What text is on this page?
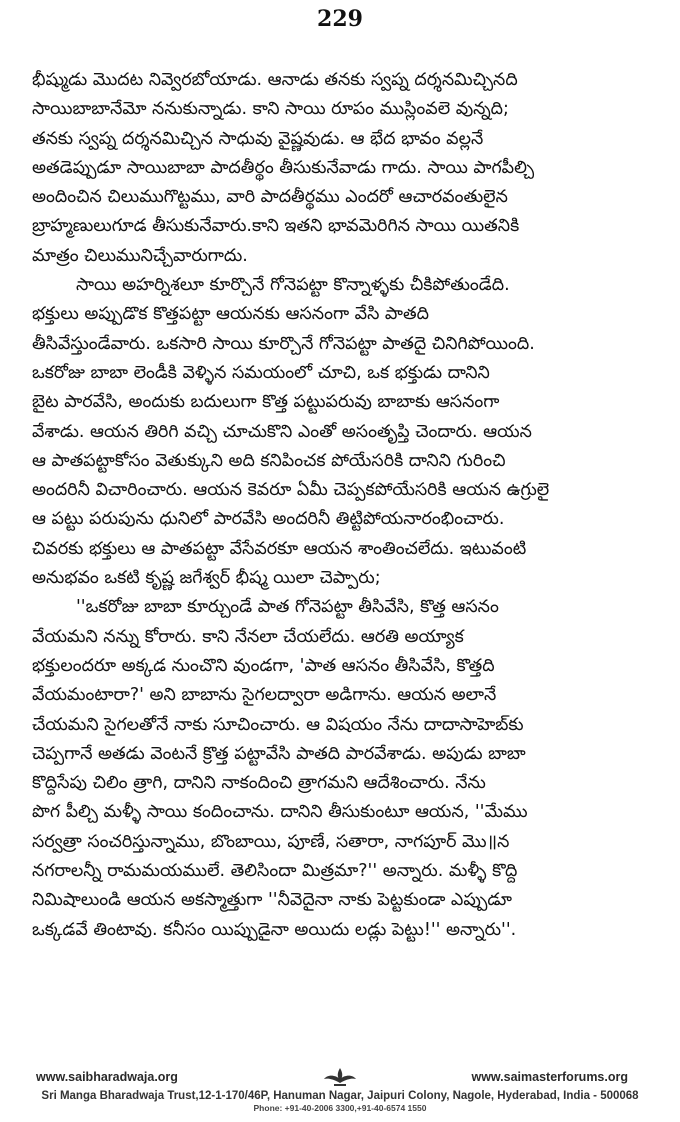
229
భీష్ముడు మొదట నివ్వెరబోయాడు. ఆనాడు తనకు స్వప్న దర్శనమిచ్చినది
సాయిబాబానేమో ననుకున్నాడు. కాని సాయి రూపం ముస్లింవలె వున్నది;
తనకు స్వప్న దర్శనమిచ్చిన సాధువు వైష్ణవుడు. ఆ భేద భావం వల్లనే
అతడెప్పుడూ సాయిబాబా పాదతీర్థం తీసుకునేవాడు గాదు. సాయి పాగపీల్చి
అందించిన చిలుముగొట్టము, వారి పాదతీర్థము ఎందరో ఆచారవంతులైన
బ్రాహ్మణులుగూడ తీసుకునేవారు.కాని ఇతని భావమెరిగిన సాయి యితనికి
మాత్రం చిలుమునిచ్చేవారుగాదు.
సాయి అహర్నిశలూ కూర్చొనే గోనెపట్టా కొన్నాళ్ళకు చీకిపోతుండేది.
భక్తులు అప్పుడొక కొత్తపట్టా ఆయనకు ఆసనంగా వేసి పాతది
తీసివేస్తుండేవారు. ఒకసారి సాయి కూర్చొనే గోనెపట్టా పాతదై చినిగిపోయింది.
ఒకరోజు బాబా లెండీకి వెళ్ళిన సమయంలో చూచి, ఒక భక్తుడు దానిని
బైట పారవేసి, అందుకు బదులుగా కొత్త పట్టుపరువు బాబాకు ఆసనంగా
వేశాడు. ఆయన తిరిగి వచ్చి చూచుకొని ఎంతో అసంతృప్తి చెందారు. ఆయన
ఆ పాతపట్టాకోసం వెతుక్కుని అది కనిపించక పోయేసరికి దానిని గురించి
అందరినీ విచారించారు. ఆయన కెవరూ ఏమీ చెప్పకపోయేసరికి ఆయన ఉగ్రులై
ఆ పట్టు పరుపును ధునిలో పారవేసి అందరినీ తిట్టిపోయనారంభించారు.
చివరకు భక్తులు ఆ పాతపట్టా వేసేవరకూ ఆయన శాంతించలేదు. ఇటువంటి
అనుభవం ఒకటి కృష్ణ జగేశ్వర్ భీష్మ యిలా చెప్పారు;
''ఒకరోజు బాబా కూర్చుండే పాత గోనెపట్టా తీసివేసి, కొత్త ఆసనం
వేయమని నన్ను కోరారు. కాని నేనలా చేయలేదు. ఆరతి అయ్యాక
భక్తులందరూ అక్కడ నుంచొని వుండగా, 'పాత ఆసనం తీసివేసి, కొత్తది
వేయమంటారా?' అని బాబాను సైగలద్వారా అడిగాను. ఆయన అలానే
చేయమని సైగలతోనే నాకు సూచించారు. ఆ విషయం నేను దాదాసాహెబ్‌కు
చెప్పగానే అతడు వెంటనే క్రొత్త పట్టావేసి పాతది పారవేశాడు. అపుడు బాబా
కొద్దిసేపు చిలిం త్రాగి, దానిని నాకందించి త్రాగమని ఆదేశించారు. నేను
పొగ పీల్చి మళ్ళీ సాయి కందించాను. దానిని తీసుకుంటూ ఆయన, ''మేము
సర్వత్రా సంచరిస్తున్నాము, బొంబాయి, పూణే, సతారా, నాగపూర్ మొ॥న
నగరాలన్నీ రామమయములే. తెలిసిందా మిత్రమా?'' అన్నారు. మళ్ళీ కొద్ది
నిమిషాలుండి ఆయన అకస్మాత్తుగా ''నీవెదైనా నాకు పెట్టకుండా ఎప్పుడూ
ఒక్కడవే తింటావు. కనీసం యిప్పుడైనా అయిదు లడ్లు పెట్టు!'' అన్నారు''.
www.saibharadwaja.org	www.saimasterforums.org
Sri Manga Bharadwaja Trust,12-1-170/46P, Hanuman Nagar, Jaipuri Colony, Nagole, Hyderabad, India - 500068
Phone: +91-40-2006 3300,+91-40-6574 1550
